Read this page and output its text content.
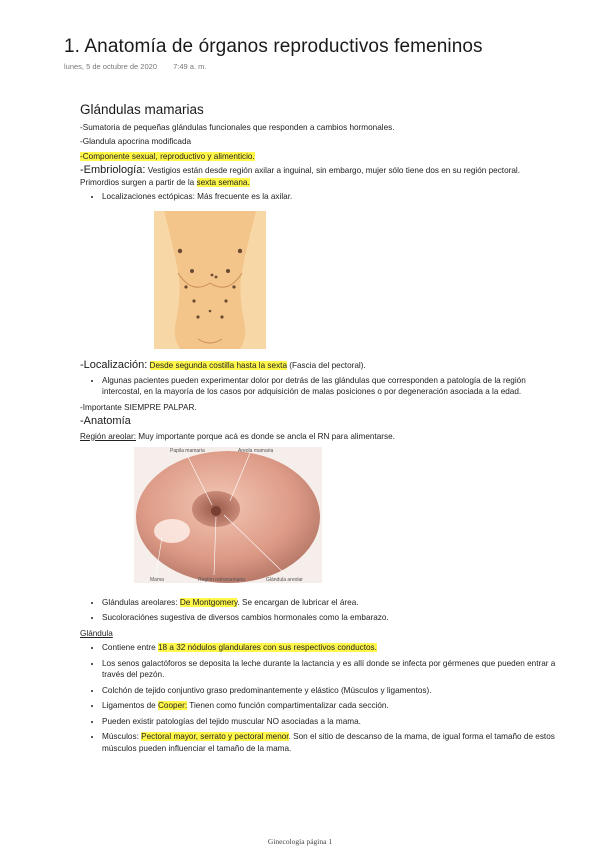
1. Anatomía de órganos reproductivos femeninos
lunes, 5 de octubre de 2020 7:49 a. m.
Glándulas mamarias
-Sumatoria de pequeñas glándulas funcionales que responden a cambios hormonales.
-Glandula apocrina modificada
-Componente sexual, reproductivo y alimenticio.
-Embriología: Vestigios están desde región axilar a inguinal, sin embargo, mujer sólo tiene dos en su región pectoral. Primordios surgen a partir de la sexta semana.
• Localizaciones ectópicas: Más frecuente es la axilar.
-Localización: Desde segunda costilla hasta la sexta (Fascia del pectoral).
• Algunas pacientes pueden experimentar dolor por detrás de las glándulas que corresponden a patología de la región intercostal, en la mayoría de los casos por adquisición de malas posiciones o por degeneración asociada a la edad.
-Importante SIEMPRE PALPAR.
-Anatomía
Región areolar: Muy importante porque acá es donde se ancla el RN para alimentarse.
Papila mamaria	Areola mamaria
Mama	Región retromamaria	Glándula areolar
• Glándulas areolares: De Montgomery. Se encargan de lubricar el área.
• Sucoloraciónes sugestiva de diversos cambios hormonales como la embarazo.
Glándula
• Contiene entre 18 a 32 nódulos glandulares con sus respectivos conductos.
• Los senos galactóforos se deposita la leche durante la lactancia y es allí donde se infecta por gérmenes que pueden entrar a través del pezón.
• Colchón de tejido conjuntivo graso predominantemente y elástico (Músculos y ligamentos).
• Ligamentos de Cooper: Tienen como función compartimentalizar cada sección.
• Pueden existir patologías del tejido muscular NO asociadas a la mama.
• Músculos: Pectoral mayor, serrato y pectoral menor. Son el sitio de descanso de la mama, de igual forma el tamaño de estos músculos pueden influenciar el tamaño de la mama.
Ginecología página 1
